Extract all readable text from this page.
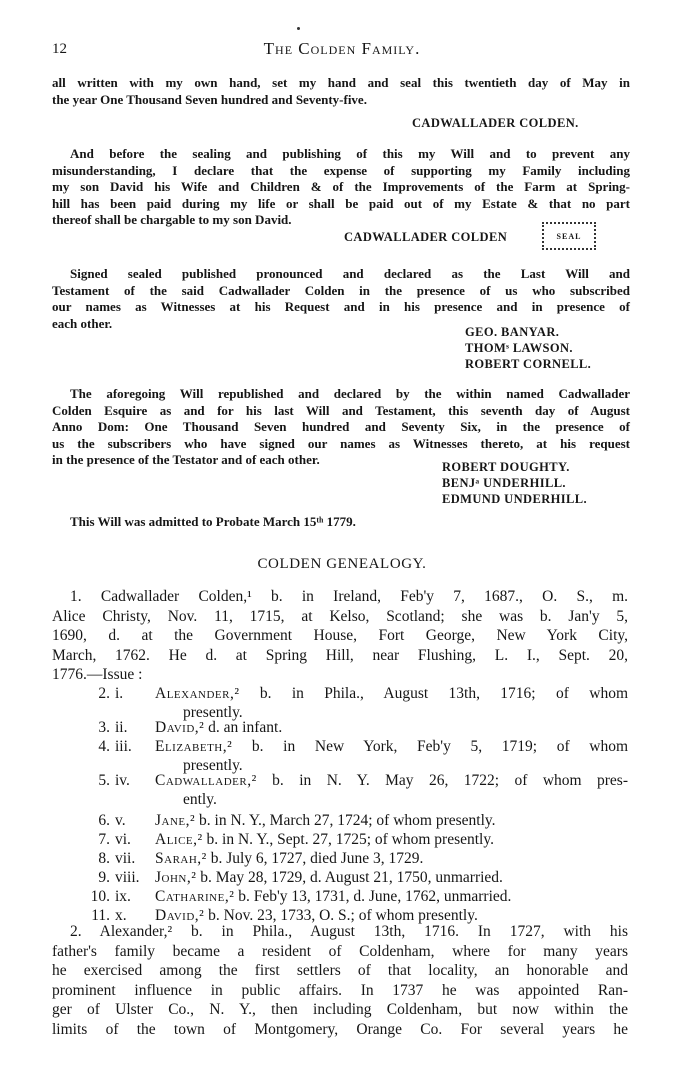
12	The Colden Family.
all written with my own hand, set my hand and seal this twentieth day of May in
the year One Thousand Seven hundred and Seventy-five.
CADWALLADER COLDEN.
And before the sealing and publishing of this my Will and to prevent any
misunderstanding, I declare that the expense of supporting my Family including
my son David his Wife and Children & of the Improvements of the Farm at Spring-
hill has been paid during my life or shall be paid out of my Estate & that no part
thereof shall be chargable to my son David.
CADWALLADER COLDEN	SEAL
Signed sealed published pronounced and declared as the Last Will and
Testament of the said Cadwallader Colden in the presence of us who subscribed
our names as Witnesses at his Request and in his presence and in presence of
each other.
GEO. BANYAR.
THOMˢ LAWSON.
ROBERT CORNELL.
The aforegoing Will republished and declared by the within named Cadwallader
Colden Esquire as and for his last Will and Testament, this seventh day of August
Anno Dom: One Thousand Seven hundred and Seventy Six, in the presence of
us the subscribers who have signed our names as Witnesses thereto, at his request
in the presence of the Testator and of each other.	ROBERT DOUGHTY.
BENJᵃ UNDERHILL.
EDMUND UNDERHILL.
This Will was admitted to Probate March 15ᵗʰ 1779.
COLDEN GENEALOGY.
1. Cadwallader Colden,¹ b. in Ireland, Feb'y 7, 1687., O. S., m.
Alice Christy, Nov. 11, 1715, at Kelso, Scotland; she was b. Jan'y 5,
1690, d. at the Government House, Fort George, New York City,
March, 1762. He d. at Spring Hill, near Flushing, L. I., Sept. 20,
1776.—Issue :
2. i. Alexander,² b. in Phila., August 13th, 1716; of whom
presently.
3. ii. David,² d. an infant.
4. iii. Elizabeth,² b. in New York, Feb'y 5, 1719; of whom
presently.
5. iv. Cadwallader,² b. in N. Y. May 26, 1722; of whom pres-
ently.
6. v. Jane,² b. in N. Y., March 27, 1724; of whom presently.
7. vi. Alice,² b. in N. Y., Sept. 27, 1725; of whom presently.
8. vii. Sarah,² b. July 6, 1727, died June 3, 1729.
9. viii. John,² b. May 28, 1729, d. August 21, 1750, unmarried.
10. ix. Catharine,² b. Feb'y 13, 1731, d. June, 1762, unmarried.
11. x. David,² b. Nov. 23, 1733, O. S.; of whom presently.
2. Alexander,² b. in Phila., August 13th, 1716. In 1727, with his
father's family became a resident of Coldenham, where for many years
he exercised among the first settlers of that locality, an honorable and
prominent influence in public affairs. In 1737 he was appointed Ran-
ger of Ulster Co., N. Y., then including Coldenham, but now within the
limits of the town of Montgomery, Orange Co. For several years he
